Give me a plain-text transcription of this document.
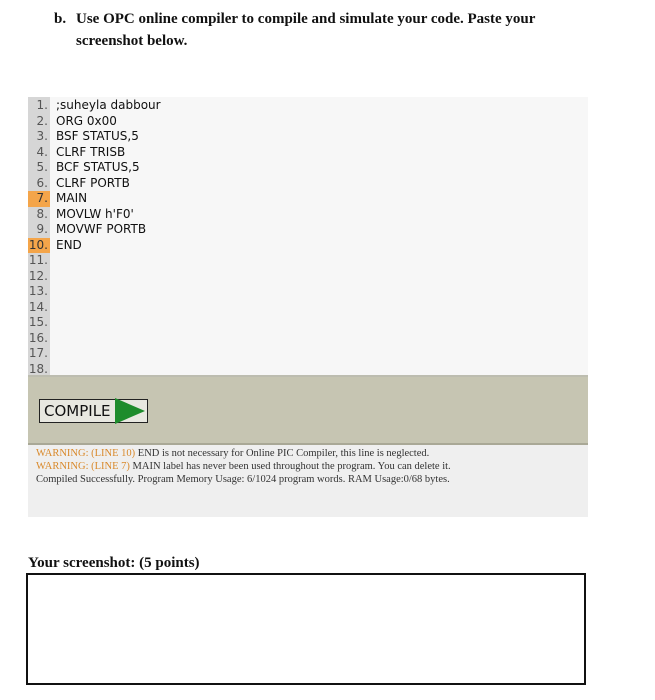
b. Use OPC online compiler to compile and simulate your code. Paste your
screenshot below.
1. ;suheyla dabbour
2. ORG 0x00
3. BSF STATUS,5
4. CLRF TRISB
5. BCF STATUS,5
6. CLRF PORTB
7. MAIN
8. MOVLW h'F0'
9. MOVWF PORTB
10. END
11.
12.
13.
14.
15.
16.
17.
18.
COMPILE
WARNING: (LINE 10) END is not necessary for Online PIC Compiler, this line is neglected.
WARNING: (LINE 7) MAIN label has never been used throughout the program. You can delete it.
Compiled Successfully. Program Memory Usage: 6/1024 program words. RAM Usage:0/68 bytes.
Your screenshot: (5 points)
